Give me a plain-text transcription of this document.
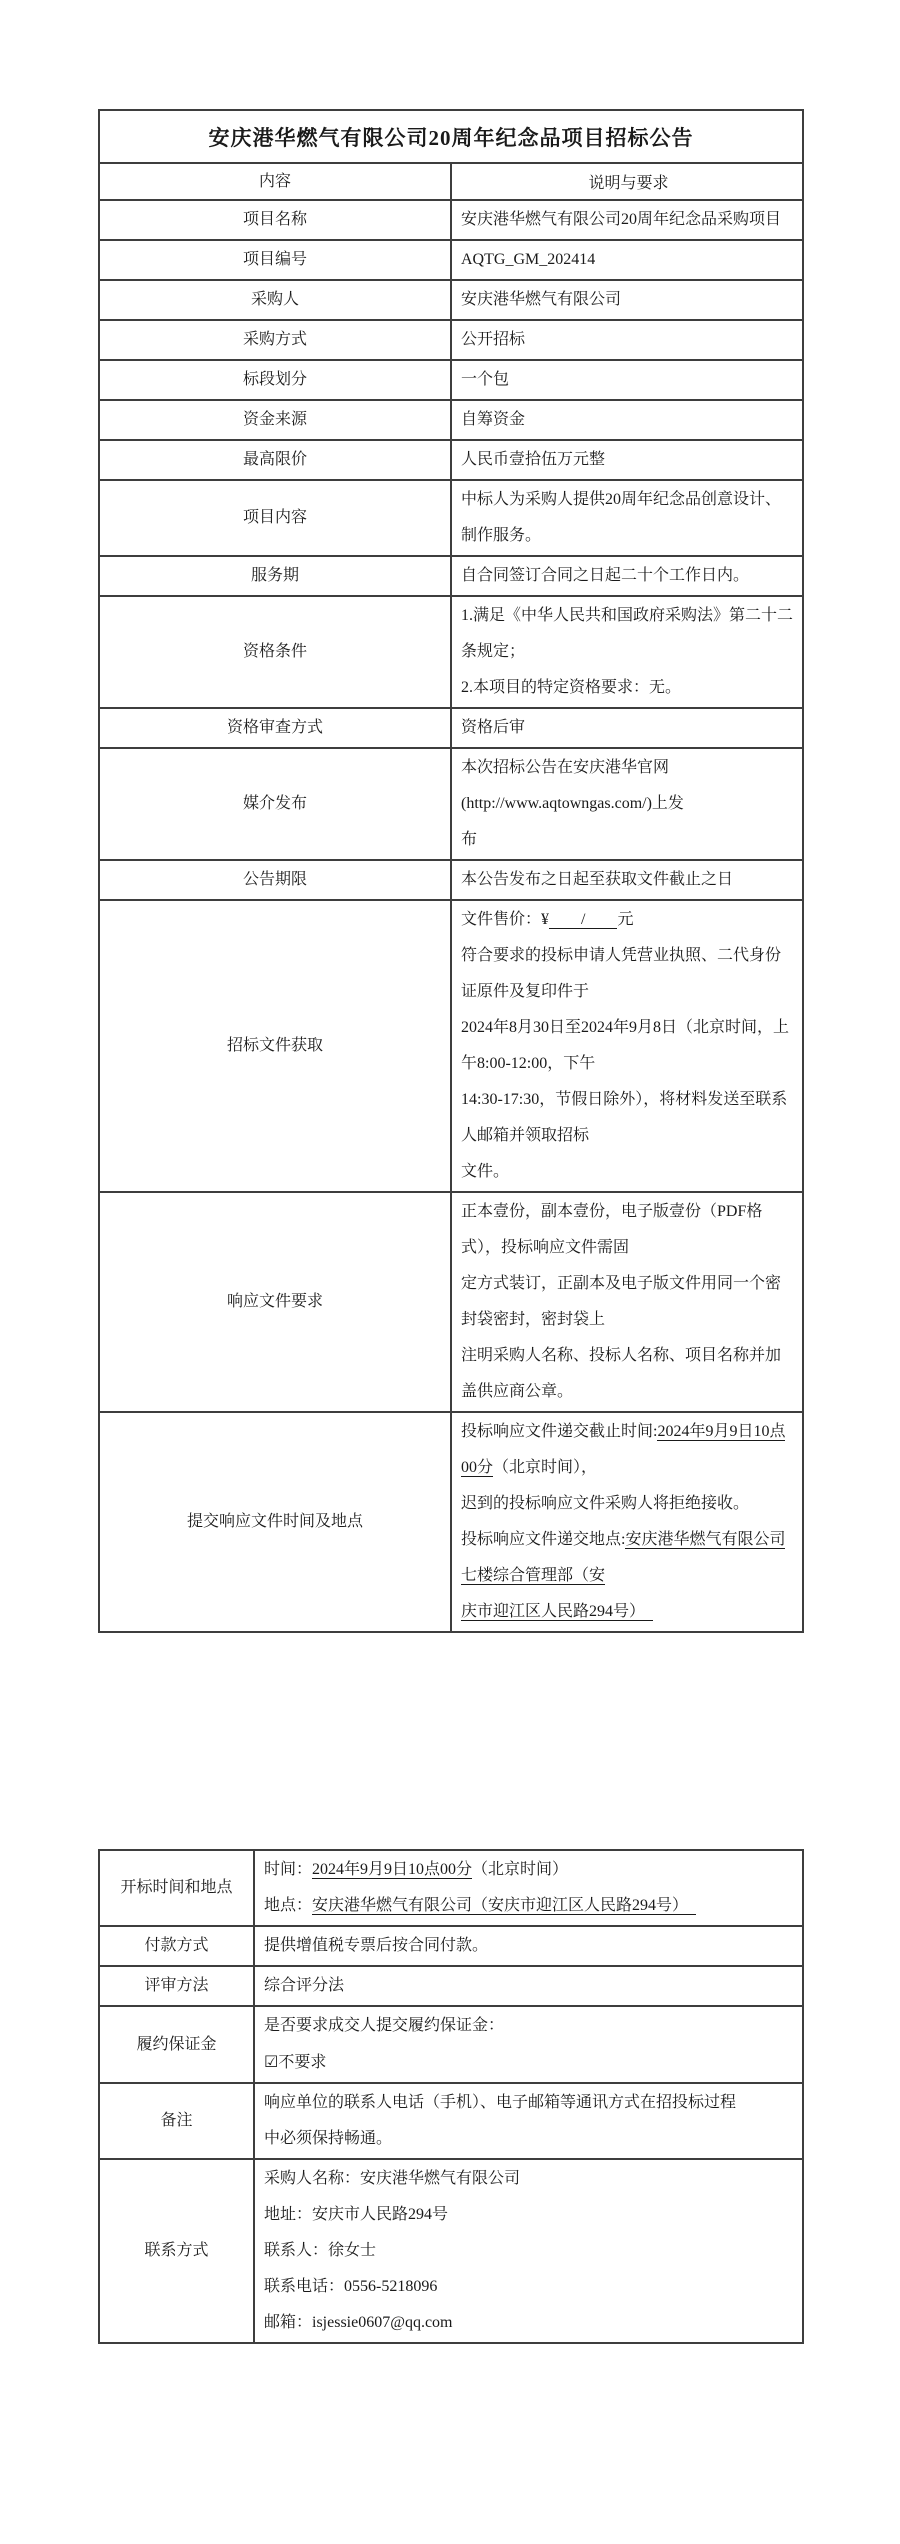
安庆港华燃气有限公司20周年纪念品项目招标公告	
内容	说明与要求
项目名称	安庆港华燃气有限公司20周年纪念品采购项目

项目编号	AQTG_GM_202414

采购人	安庆港华燃气有限公司

采购方式	公开招标

标段划分	一个包

资金来源	自筹资金

最高限价	人民币壹拾伍万元整

项目内容	中标人为采购人提供20周年纪念品创意设计、制作服务。

服务期	自合同签订合同之日起二十个工作日内。

资格条件	1.满足《中华人民共和国政府采购法》第二十二条规定；
2.本项目的特定资格要求：无。

资格审查方式	资格后审

媒介发布	本次招标公告在安庆港华官网(http://www.aqtowngas.com/)上发
布

公告期限	本公告发布之日起至获取文件截止之日

招标文件获取	文件售价：¥　　/　　元
符合要求的投标申请人凭营业执照、二代身份证原件及复印件于
2024年8月30日至2024年9月8日（北京时间，上午8:00-12:00，下午
14:30-17:30，节假日除外），将材料发送至联系人邮箱并领取招标
文件。

响应文件要求	正本壹份，副本壹份，电子版壹份（PDF格式），投标响应文件需固
定方式装订，正副本及电子版文件用同一个密封袋密封，密封袋上
注明采购人名称、投标人名称、项目名称并加盖供应商公章。

提交响应文件时间及地点	投标响应文件递交截止时间:2024年9月9日10点00分（北京时间），
迟到的投标响应文件采购人将拒绝接收。
投标响应文件递交地点:安庆港华燃气有限公司七楼综合管理部（安
庆市迎江区人民路294号）　
开标时间和地点	时间：2024年9月9日10点00分（北京时间）
地点：安庆港华燃气有限公司（安庆市迎江区人民路294号）　

付款方式	提供增值税专票后按合同付款。

评审方法	综合评分法

履约保证金	是否要求成交人提交履约保证金：
☑不要求

备注	响应单位的联系人电话（手机）、电子邮箱等通讯方式在招投标过程
中必须保持畅通。

联系方式	采购人名称：安庆港华燃气有限公司
地址：安庆市人民路294号
联系人：徐女士
联系电话：0556-5218096
邮箱：isjessie0607@qq.com
